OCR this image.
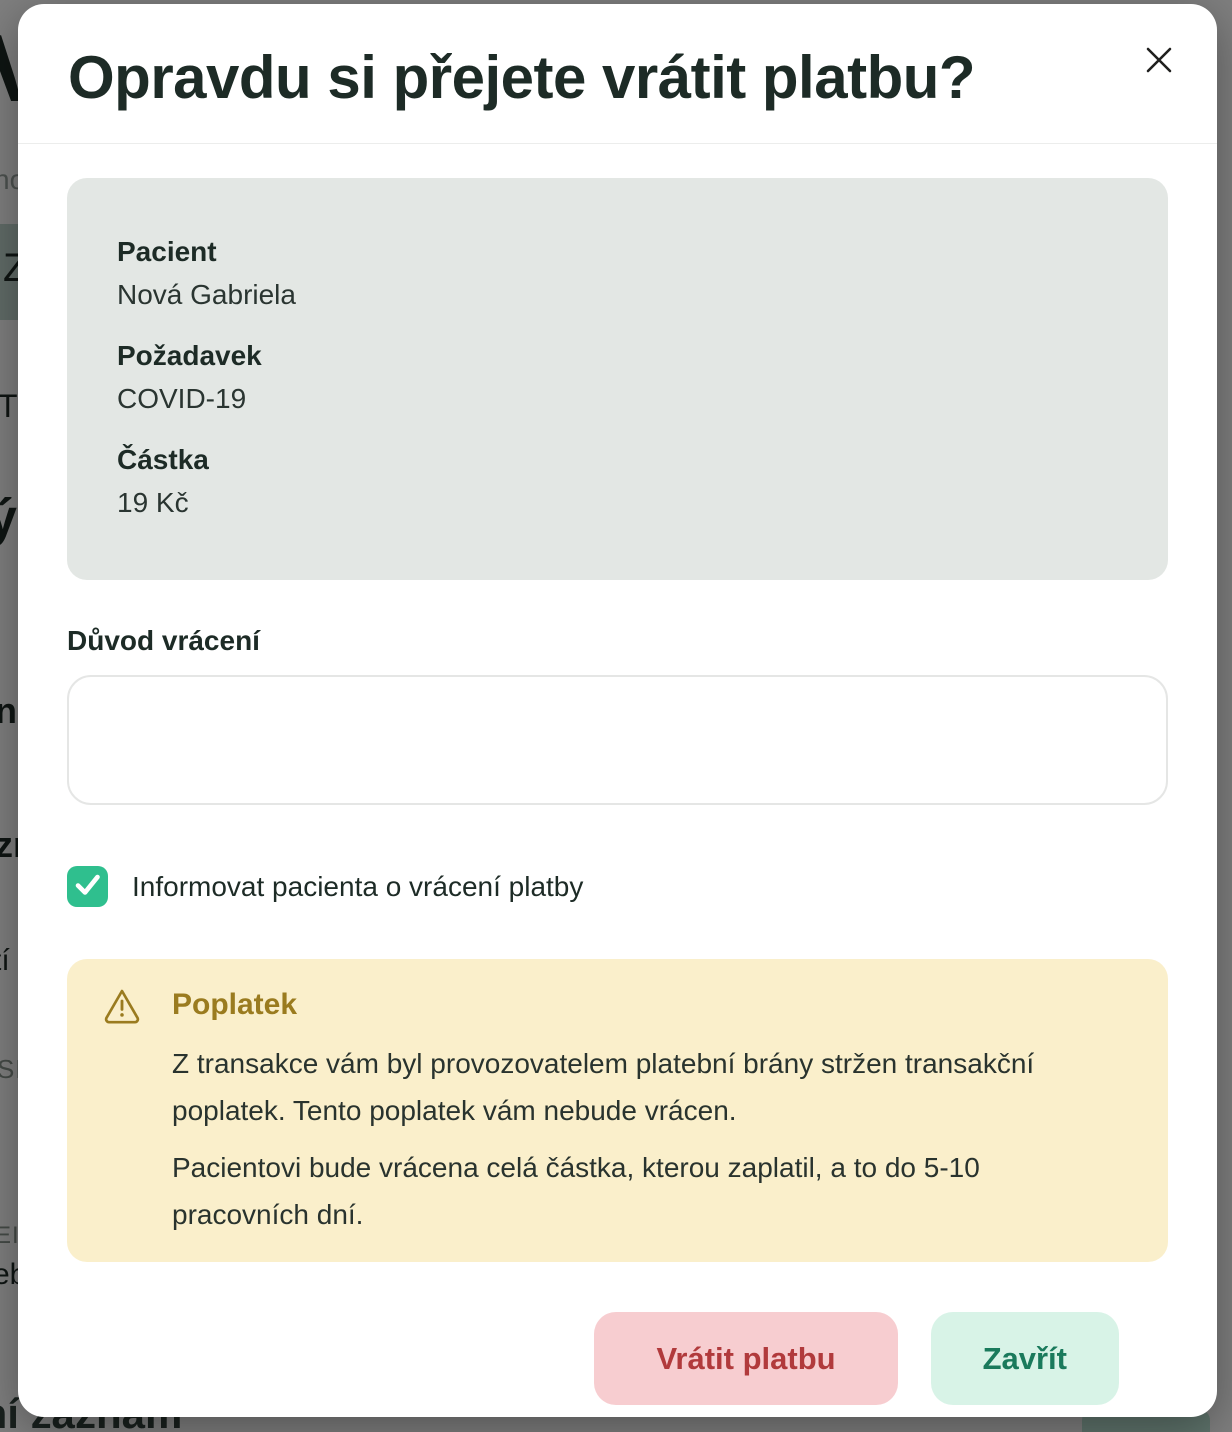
Opravdu si přejete vrátit platbu?
Pacient
Nová Gabriela
Požadavek
COVID-19
Částka
19 Kč
Důvod vrácení
Informovat pacienta o vrácení platby
Poplatek

Z transakce vám byl provozovatelem platební brány stržen transakční poplatek. Tento poplatek vám nebude vrácen.

Pacientovi bude vrácena celá částka, kterou zaplatil, a to do 5-10 pracovních dní.

Vrátit platbu	Zavřít
